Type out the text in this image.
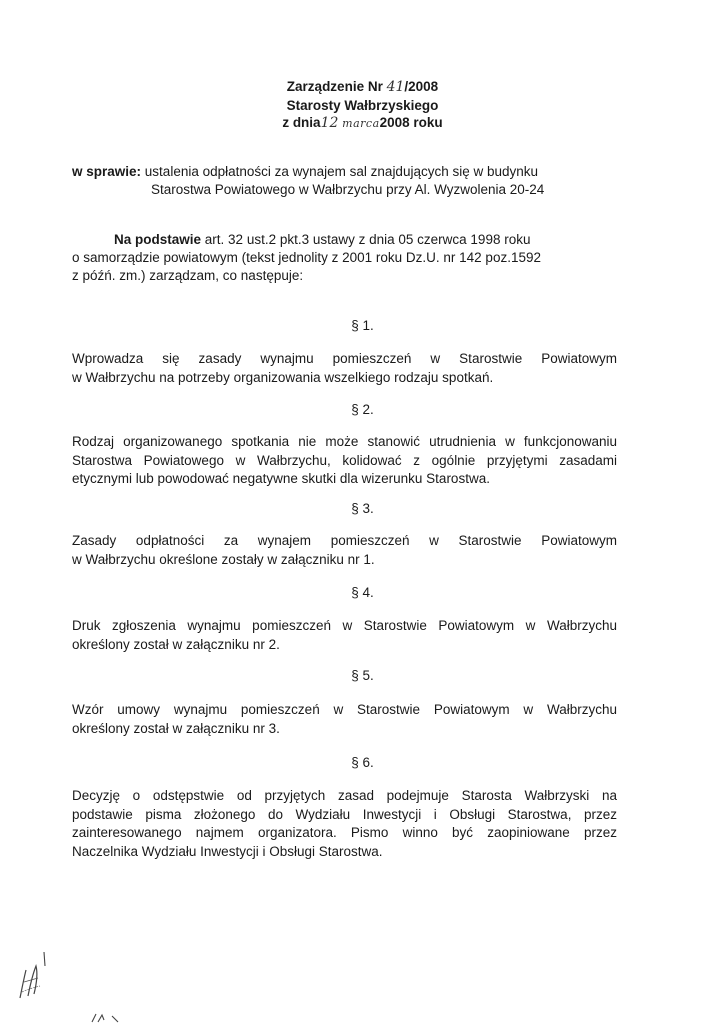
Zarządzenie Nr 41/2008
Starosty Wałbrzyskiego
z dnia12 marca2008 roku
w sprawie: ustalenia odpłatności za wynajem sal znajdujących się w budynku
Starostwa Powiatowego w Wałbrzychu przy Al. Wyzwolenia 20-24
Na podstawie art. 32 ust.2 pkt.3 ustawy z dnia 05 czerwca 1998 roku
o samorządzie powiatowym (tekst jednolity z 2001 roku Dz.U. nr 142 poz.1592
z późń. zm.) zarządzam, co następuje:
§ 1.
Wprowadza się zasady wynajmu pomieszczeń w Starostwie Powiatowym
w Wałbrzychu na potrzeby organizowania wszelkiego rodzaju spotkań.
§ 2.
Rodzaj organizowanego spotkania nie może stanowić utrudnienia w funkcjonowaniu
Starostwa Powiatowego w Wałbrzychu, kolidować z ogólnie przyjętymi zasadami
etycznymi lub powodować negatywne skutki dla wizerunku Starostwa.
§ 3.
Zasady odpłatności za wynajem pomieszczeń w Starostwie Powiatowym
w Wałbrzychu określone zostały w załączniku nr 1.
§ 4.
Druk zgłoszenia wynajmu pomieszczeń w Starostwie Powiatowym w Wałbrzychu
określony został w załączniku nr 2.
§ 5.
Wzór umowy wynajmu pomieszczeń w Starostwie Powiatowym w Wałbrzychu
określony został w załączniku nr 3.
§ 6.
Decyzję o odstępstwie od przyjętych zasad podejmuje Starosta Wałbrzyski na
podstawie pisma złożonego do Wydziału Inwestycji i Obsługi Starostwa, przez
zainteresowanego najmem organizatora. Pismo winno być zaopiniowane przez
Naczelnika Wydziału Inwestycji i Obsługi Starostwa.
